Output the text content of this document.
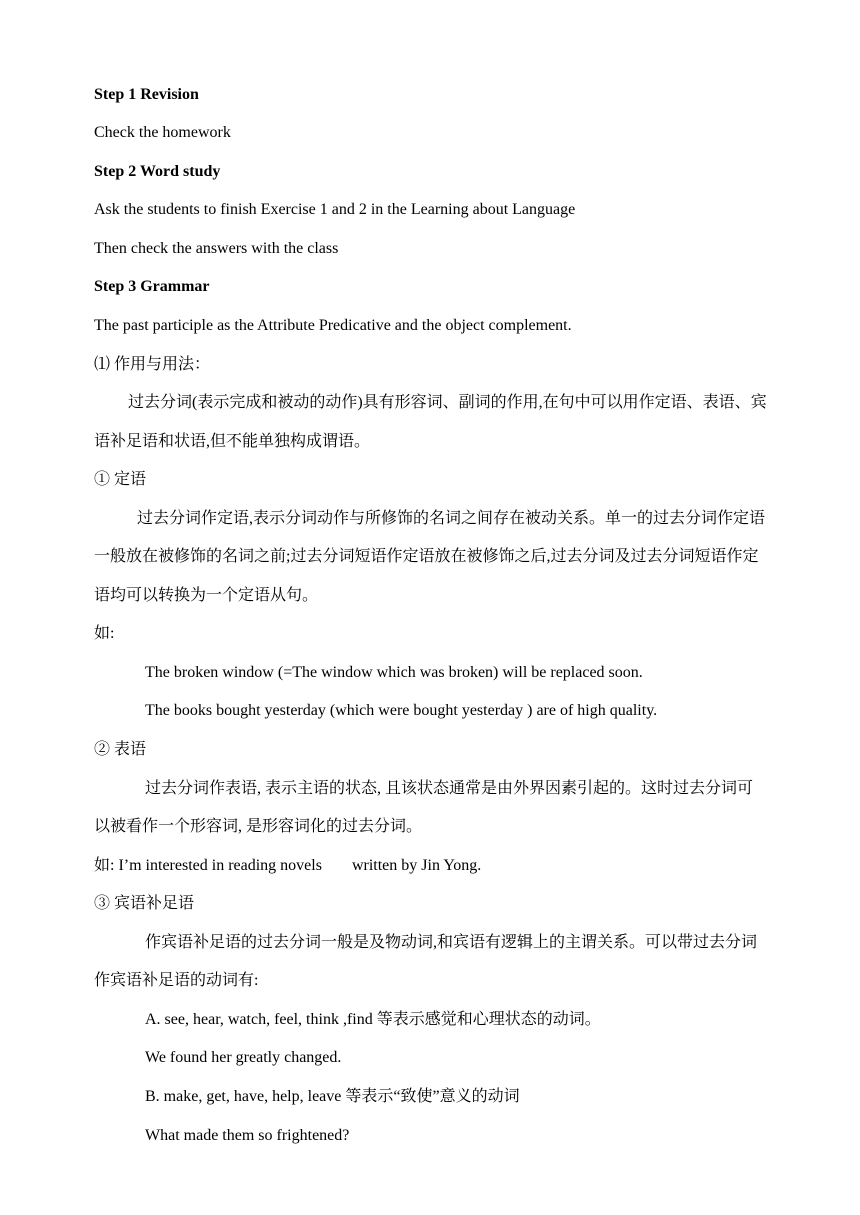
Step 1 Revision
Check the homework
Step 2 Word study
Ask the students to finish Exercise 1 and 2 in the Learning about Language
Then check the answers with the class
Step 3 Grammar
The past participle as the Attribute Predicative and the object complement.
⑴ 作用与用法：
过去分词(表示完成和被动的动作)具有形容词、副词的作用,在句中可以用作定语、表语、宾
语补足语和状语,但不能单独构成谓语。
① 定语
过去分词作定语,表示分词动作与所修饰的名词之间存在被动关系。单一的过去分词作定语
一般放在被修饰的名词之前;过去分词短语作定语放在被修饰之后,过去分词及过去分词短语作定
语均可以转换为一个定语从句。
如:
The broken window (=The window which was broken) will be replaced soon.
The books bought yesterday (which were bought yesterday ) are of high quality.
② 表语
过去分词作表语, 表示主语的状态, 且该状态通常是由外界因素引起的。这时过去分词可
以被看作一个形容词, 是形容词化的过去分词。
如: I’m interested in reading novels written by Jin Yong.
③ 宾语补足语
作宾语补足语的过去分词一般是及物动词,和宾语有逻辑上的主谓关系。可以带过去分词
作宾语补足语的动词有:
A. see, hear, watch, feel, think ,find 等表示感觉和心理状态的动词。
We found her greatly changed.
B. make, get, have, help, leave 等表示“致使”意义的动词
What made them so frightened?
